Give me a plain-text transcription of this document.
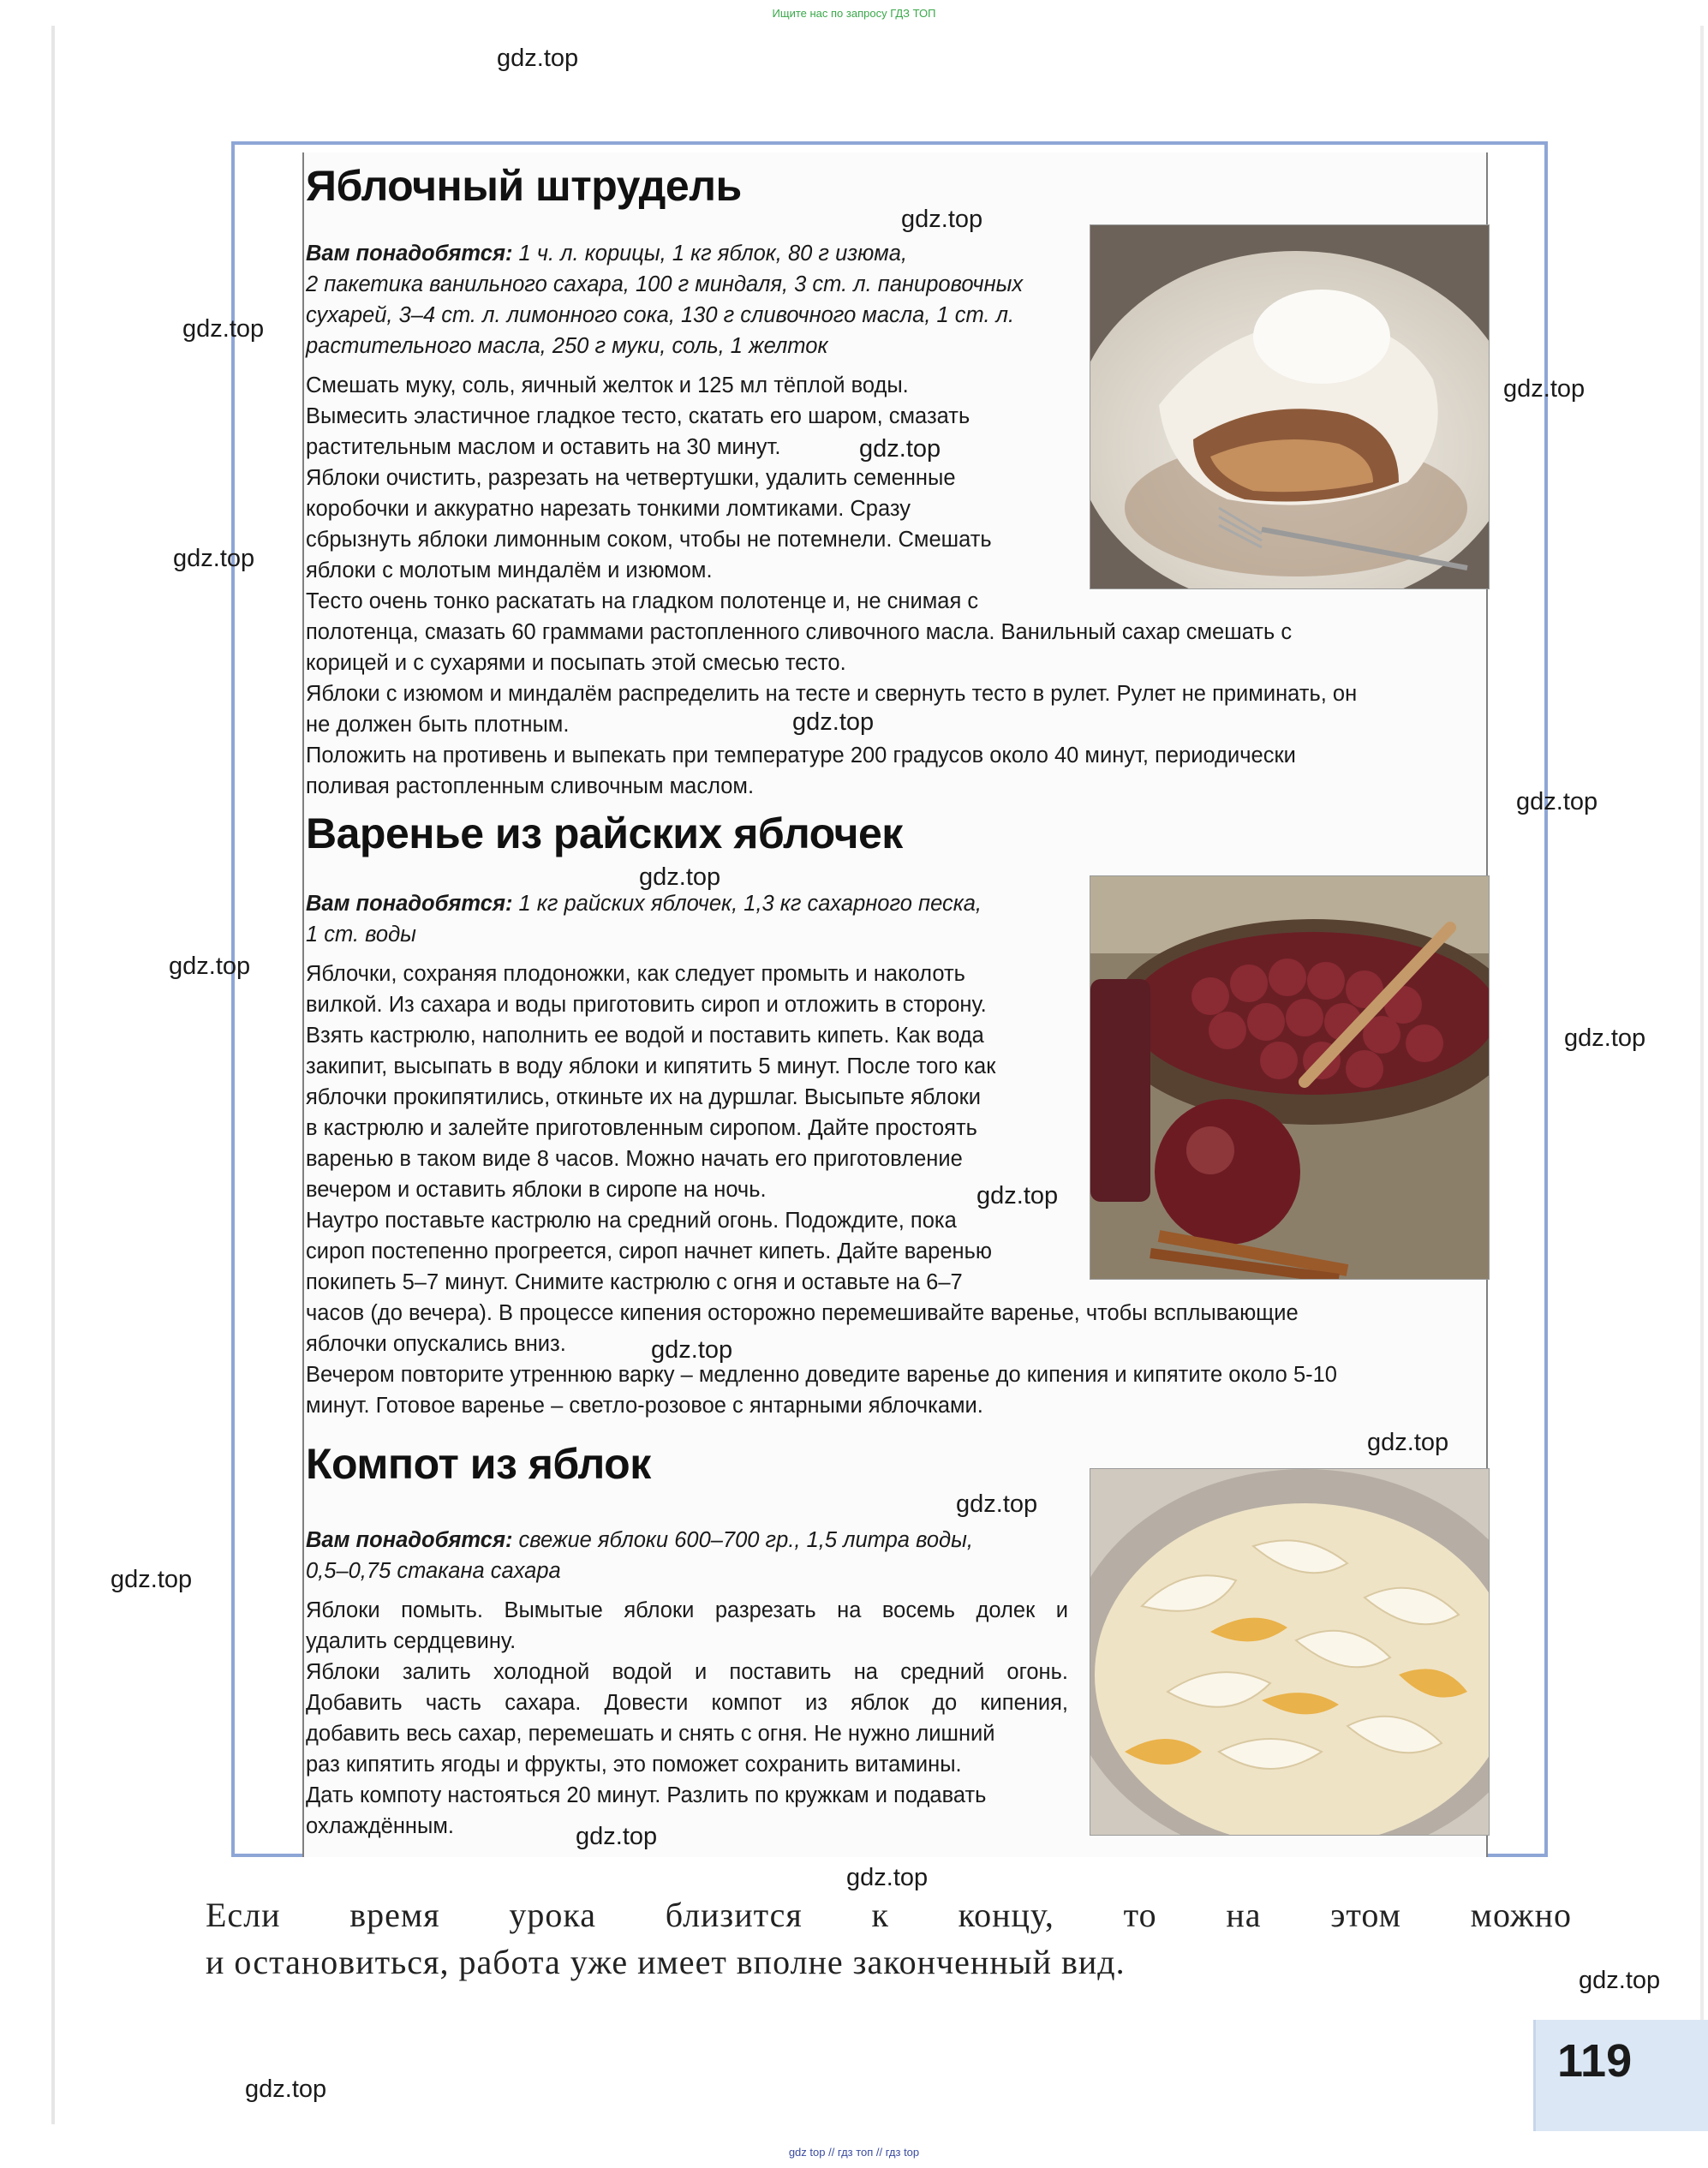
Ищите нас по запросу ГДЗ ТОП
Яблочный штрудель

Вам понадобятся: 1 ч. л. корицы, 1 кг яблок, 80 г изюма,
2 пакетика ванильного сахара, 100 г миндаля, 3 ст. л. панировочных
сухарей, 3–4 ст. л. лимонного сока, 130 г сливочного масла, 1 ст. л.
растительного масла, 250 г муки, соль, 1 желток

Смешать муку, соль, яичный желток и 125 мл тёплой воды.
Вымесить эластичное гладкое тесто, скатать его шаром, смазать
растительным маслом и оставить на 30 минут.
Яблоки очистить, разрезать на четвертушки, удалить семенные
коробочки и аккуратно нарезать тонкими ломтиками. Сразу
сбрызнуть яблоки лимонным соком, чтобы не потемнели. Смешать
яблоки с молотым миндалём и изюмом.
Тесто очень тонко раскатать на гладком полотенце и, не снимая с
полотенца, смазать 60 граммами растопленного сливочного масла. Ванильный сахар смешать с
корицей и с сухарями и посыпать этой смесью тесто.
Яблоки с изюмом и миндалём распределить на тесте и свернуть тесто в рулет. Рулет не приминать, он
не должен быть плотным.
Положить на противень и выпекать при температуре 200 градусов около 40 минут, периодически
поливая растопленным сливочным маслом.
Варенье из райских яблочек

Вам понадобятся: 1 кг райских яблочек, 1,3 кг сахарного песка,
1 ст. воды

Яблочки, сохраняя плодоножки, как следует промыть и наколоть
вилкой. Из сахара и воды приготовить сироп и отложить в сторону.
Взять кастрюлю, наполнить ее водой и поставить кипеть. Как вода
закипит, высыпать в воду яблоки и кипятить 5 минут. После того как
яблочки прокипятились, откиньте их на дуршлаг. Высыпьте яблоки
в кастрюлю и залейте приготовленным сиропом. Дайте простоять
варенью в таком виде 8 часов. Можно начать его приготовление
вечером и оставить яблоки в сиропе на ночь.
Наутро поставьте кастрюлю на средний огонь. Подождите, пока
сироп постепенно прогреется, сироп начнет кипеть. Дайте варенью
покипеть 5–7 минут. Снимите кастрюлю с огня и оставьте на 6–7
часов (до вечера). В процессе кипения осторожно перемешивайте варенье, чтобы всплывающие
яблочки опускались вниз.
Вечером повторите утреннюю варку – медленно доведите варенье до кипения и кипятите около 5-10
минут. Готовое варенье – светло-розовое с янтарными яблочками.
Компот из яблок

Вам понадобятся: свежие яблоки 600–700 гр., 1,5 литра воды,
0,5–0,75 стакана сахара

Яблоки помыть. Вымытые яблоки разрезать на восемь долек и
удалить сердцевину.
Яблоки залить холодной водой и поставить на средний огонь.
Добавить часть сахара. Довести компот из яблок до кипения,
добавить весь сахар, перемешать и снять с огня. Не нужно лишний
раз кипятить ягоды и фрукты, это поможет сохранить витамины.
Дать компоту настояться 20 минут. Разлить по кружкам и подавать
охлаждённым.

Если время урока близится к концу, то на этом можно
и остановиться, работа уже имеет вполне законченный вид.

119
gdz.top
gdz.top
gdz.top
gdz.top
gdz.top
gdz.top
gdz.top
gdz.top
gdz.top
gdz.top
gdz.top
gdz.top
gdz.top
gdz.top
gdz.top
gdz.top
gdz.top
gdz.top
gdz.top
gdz.top
gdz top // гдз топ // гдз top
